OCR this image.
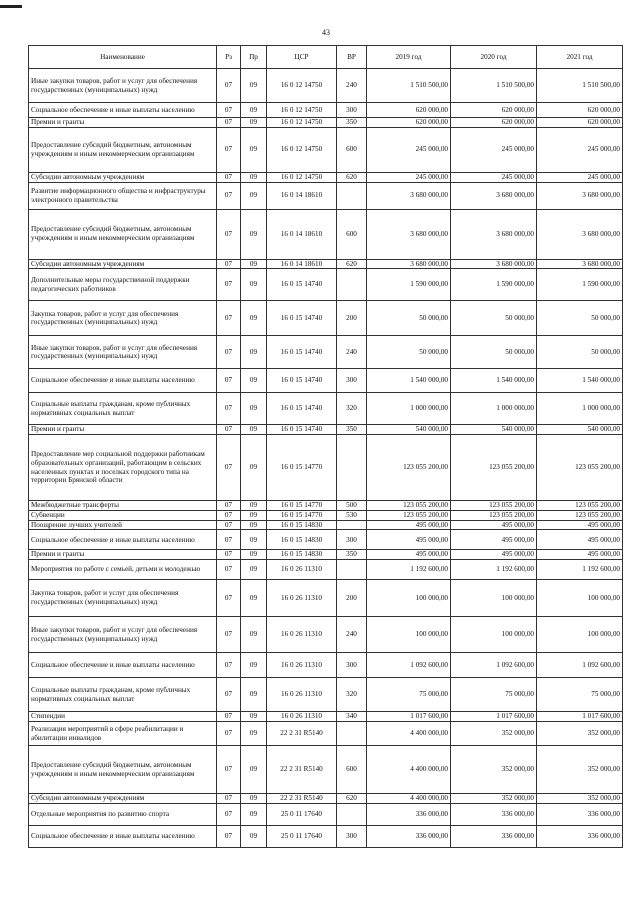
43
Наименование	Рз	Пр	ЦСР	ВР	2019 год	2020 год	2021 год
Иные закупки товаров, работ и услуг для обеспечения государственных (муниципальных) нужд	07	09	16 0 12 14750	240	1 510 500,00	1 510 500,00	1 510 500,00
Социальное обеспечение и иные выплаты населению	07	09	16 0 12 14750	300	620 000,00	620 000,00	620 000,00
Премии и гранты	07	09	16 0 12 14750	350	620 000,00	620 000,00	620 000,00
Предоставление субсидий бюджетным, автономным учреждениям и иным некоммерческим организациям	07	09	16 0 12 14750	600	245 000,00	245 000,00	245 000,00
Субсидии автономным учреждениям	07	09	16 0 12 14750	620	245 000,00	245 000,00	245 000,00
Развитие информационного общества и инфраструктуры электронного правительства	07	09	16 0 14 18610		3 680 000,00	3 680 000,00	3 680 000,00
Предоставление субсидий бюджетным, автономным учреждениям и иным некоммерческим организациям	07	09	16 0 14 18610	600	3 680 000,00	3 680 000,00	3 680 000,00
Субсидии автономным учреждениям	07	09	16 0 14 18610	620	3 680 000,00	3 680 000,00	3 680 000,00
Дополнительные меры государственной поддержки педагогических работников	07	09	16 0 15 14740		1 590 000,00	1 590 000,00	1 590 000,00
Закупка товаров, работ и услуг для обеспечения государственных (муниципальных) нужд	07	09	16 0 15 14740	200	50 000,00	50 000,00	50 000,00
Иные закупки товаров, работ и услуг для обеспечения государственных (муниципальных) нужд	07	09	16 0 15 14740	240	50 000,00	50 000,00	50 000,00
Социальное обеспечение и иные выплаты населению	07	09	16 0 15 14740	300	1 540 000,00	1 540 000,00	1 540 000,00
Социальные выплаты гражданам, кроме публичных нормативных социальных выплат	07	09	16 0 15 14740	320	1 000 000,00	1 000 000,00	1 000 000,00
Премии и гранты	07	09	16 0 15 14740	350	540 000,00	540 000,00	540 000,00
Предоставление мер социальной поддержки работникам образовательных организаций, работающим в сельских населенных пунктах и поселках городского типа на территории Брянской области	07	09	16 0 15 14770		123 055 200,00	123 055 200,00	123 055 200,00
Межбюджетные трансферты	07	09	16 0 15 14770	500	123 055 200,00	123 055 200,00	123 055 200,00
Субвенции	07	09	16 0 15 14770	530	123 055 200,00	123 055 200,00	123 055 200,00
Поощрение лучших учителей	07	09	16 0 15 14830		495 000,00	495 000,00	495 000,00
Социальное обеспечение и иные выплаты населению	07	09	16 0 15 14830	300	495 000,00	495 000,00	495 000,00
Премии и гранты	07	09	16 0 15 14830	350	495 000,00	495 000,00	495 000,00
Мероприятия по работе с семьей, детьми и молодежью	07	09	16 0 26 11310		1 192 600,00	1 192 600,00	1 192 600,00
Закупка товаров, работ и услуг для обеспечения государственных (муниципальных) нужд	07	09	16 0 26 11310	200	100 000,00	100 000,00	100 000,00
Иные закупки товаров, работ и услуг для обеспечения государственных (муниципальных) нужд	07	09	16 0 26 11310	240	100 000,00	100 000,00	100 000,00
Социальное обеспечение и иные выплаты населению	07	09	16 0 26 11310	300	1 092 600,00	1 092 600,00	1 092 600,00
Социальные выплаты гражданам, кроме публичных нормативных социальных выплат	07	09	16 0 26 11310	320	75 000,00	75 000,00	75 000,00
Стипендии	07	09	16 0 26 11310	340	1 017 600,00	1 017 600,00	1 017 600,00
Реализация мероприятий в сфере реабилитации и абилитации инвалидов	07	09	22 2 31 R5140		4 400 000,00	352 000,00	352 000,00
Предоставление субсидий бюджетным, автономным учреждениям и иным некоммерческим организациям	07	09	22 2 31 R5140	600	4 400 000,00	352 000,00	352 000,00
Субсидии автономным учреждениям	07	09	22 2 31 R5140	620	4 400 000,00	352 000,00	352 000,00
Отдельные мероприятия по развитию спорта	07	09	25 0 11 17640		336 000,00	336 000,00	336 000,00
Социальное обеспечение и иные выплаты населению	07	09	25 0 11 17640	300	336 000,00	336 000,00	336 000,00
